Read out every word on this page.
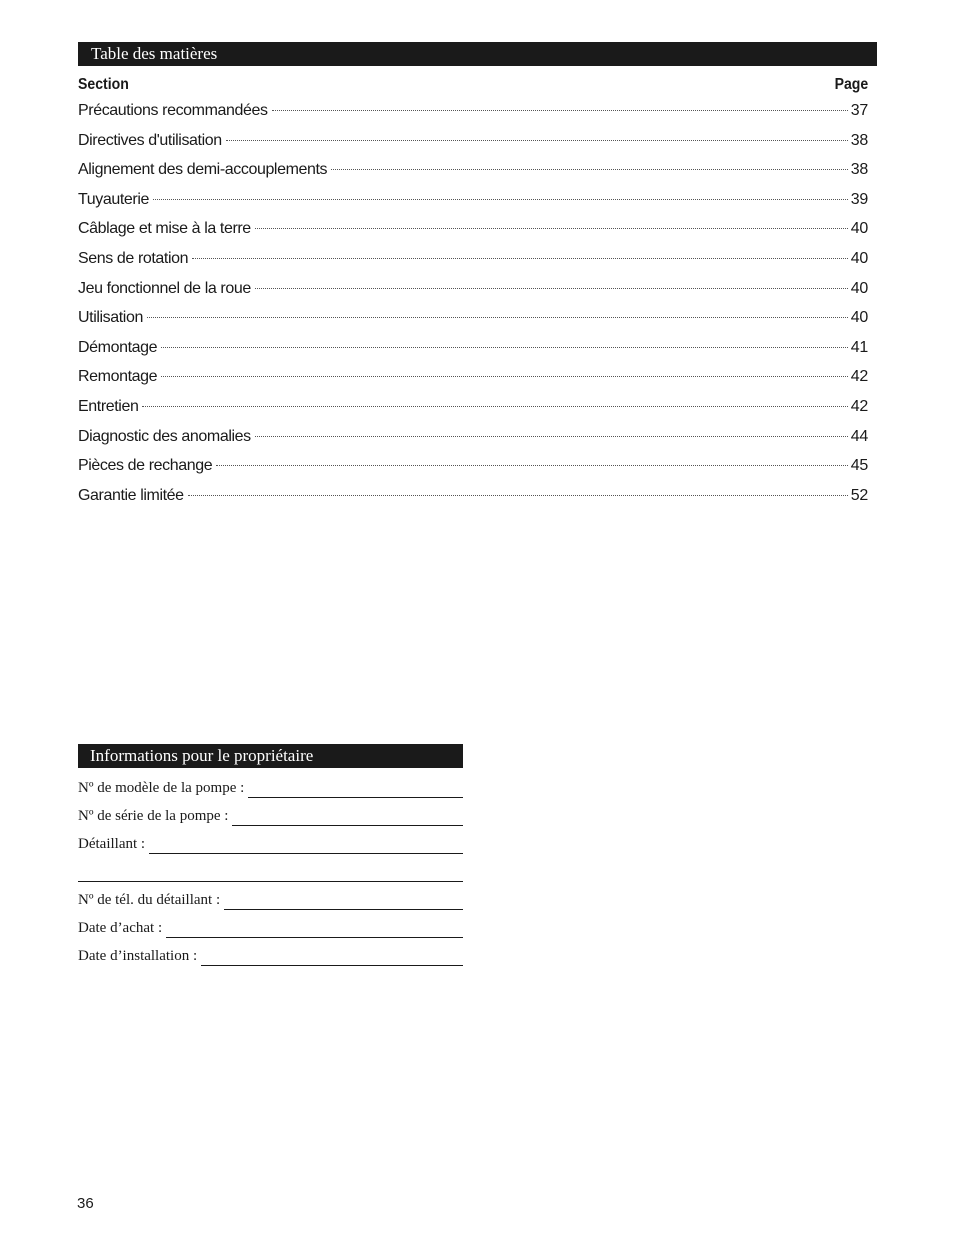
Table des matières
Section	Page
Précautions recommandées	37
Directives d'utilisation	38
Alignement des demi-accouplements	38
Tuyauterie	39
Câblage et mise à la terre	40
Sens de rotation	40
Jeu fonctionnel de la roue	40
Utilisation	40
Démontage	41
Remontage	42
Entretien	42
Diagnostic des anomalies	44
Pièces de rechange	45
Garantie limitée	52
Informations pour le propriétaire
Nº de modèle de la pompe :
Nº de série de la pompe :
Détaillant :
Nº de tél. du détaillant :
Date d’achat :
Date d’installation :
36
